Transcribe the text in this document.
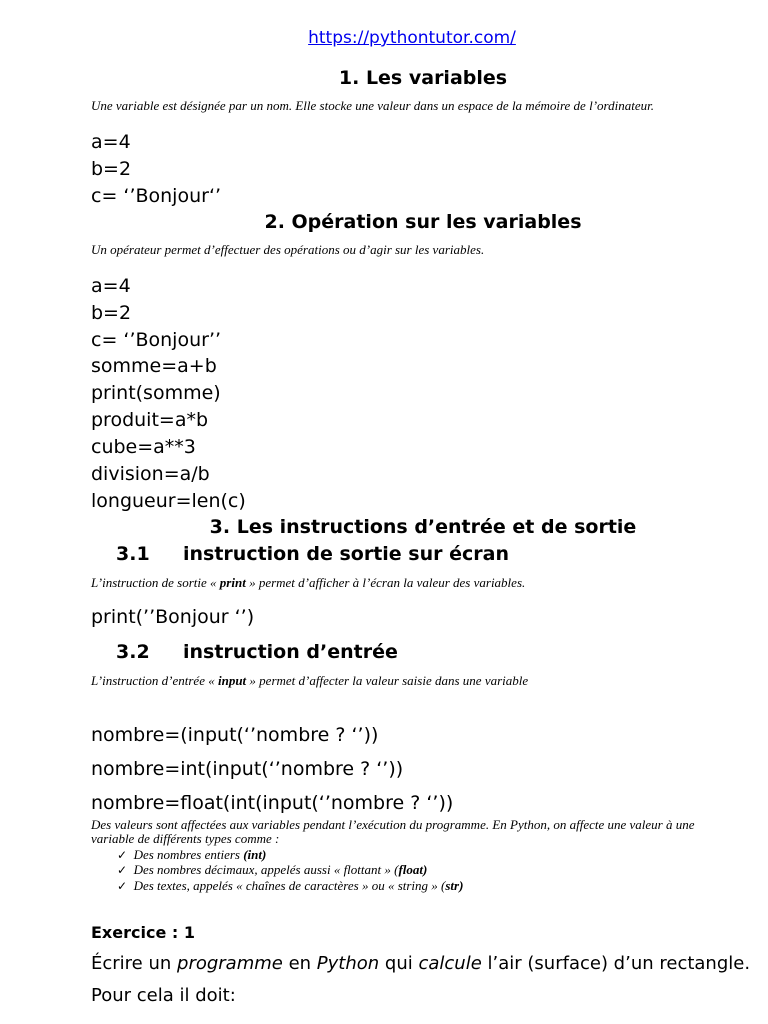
https://pythontutor.com/
1. Les variables
Une variable est désignée par un nom. Elle stocke une valeur dans un espace de la mémoire de l’ordinateur.
a=4
b=2
c= ‘’Bonjour‘’
2. Opération sur les variables
Un opérateur permet d’effectuer des opérations ou d’agir sur les variables.
a=4
b=2
c= ‘’Bonjour’’
somme=a+b
print(somme)
produit=a*b
cube=a**3
division=a/b
longueur=len(c)
3. Les instructions d’entrée et de sortie
3.1 instruction de sortie sur écran
L’instruction de sortie « print » permet d’afficher à l’écran la valeur des variables.
print(’’Bonjour ‘’)
3.2 instruction d’entrée
L’instruction d’entrée « input » permet d’affecter la valeur saisie dans une variable
nombre=(input(‘’nombre ? ‘’))
nombre=int(input(‘’nombre ? ‘’))
nombre=float(int(input(‘’nombre ? ‘’))
Des valeurs sont affectées aux variables pendant l’exécution du programme. En Python, on affecte une valeur à une variable de différents types comme :
✓ Des nombres entiers (int)
✓ Des nombres décimaux, appelés aussi « flottant » (float)
✓ Des textes, appelés « chaînes de caractères » ou « string » (str)
Exercice : 1
Écrire un programme en Python qui calcule l’air (surface) d’un rectangle.
Pour cela il doit:
